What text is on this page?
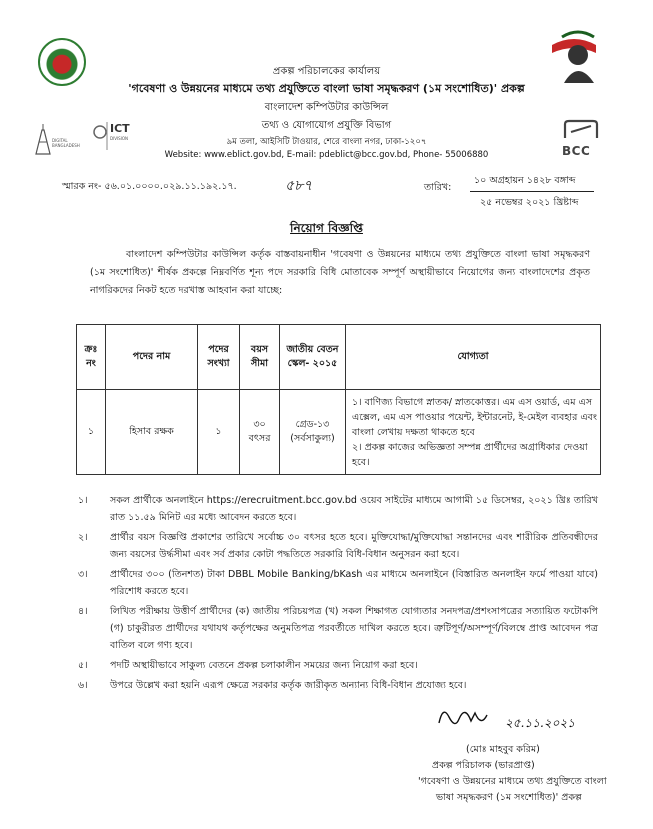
DIGITAL BANGLADESH
ICT
DIVISION
BCC
প্রকল্প পরিচালকের কার্যালয়
'গবেষণা ও উন্নয়নের মাধ্যমে তথ্য প্রযুক্তিতে বাংলা ভাষা সমৃদ্ধকরণ (১ম সংশোধিত)' প্রকল্প
বাংলাদেশ কম্পিউটার কাউন্সিল
তথ্য ও যোগাযোগ প্রযুক্তি বিভাগ
৯ম তলা, আইসিটি টাওয়ার, শেরে বাংলা নগর, ঢাকা-১২০৭
Website: www.eblict.gov.bd, E-mail: pdeblict@bcc.gov.bd, Phone- 55006880
স্মারক নং- ৫৬.০১.০০০০.০২৯.১১.১৯২.১৭.	৫৮৭	তারিখ:
১০ অগ্রহায়ন ১৪২৮ বঙ্গাব্দ
২৫ নভেম্বর ২০২১ খ্রিষ্টাব্দ
নিয়োগ বিজ্ঞপ্তি

বাংলাদেশ কম্পিউটার কাউন্সিল কর্তৃক বাস্তবায়নাধীন 'গবেষণা ও উন্নয়নের মাধ্যমে তথ্য প্রযুক্তিতে বাংলা ভাষা সমৃদ্ধকরণ (১ম সংশোধিত)' শীর্ষক প্রকল্পে নিম্নবর্ণিত শূন্য পদে সরকারি বিধি মোতাবেক সম্পূর্ণ অস্থায়ীভাবে নিয়োগের জন্য বাংলাদেশের প্রকৃত নাগরিকদের নিকট হতে দরখাস্ত আহবান করা যাচ্ছে:

ক্রঃ নং	পদের নাম	পদের সংখ্যা	বয়স সীমা	জাতীয় বেতন স্কেল- ২০১৫	যোগ্যতা
১	হিসাব রক্ষক	১	৩০ বৎসর	গ্রেড-১৩ (সর্বসাকুল্য)	১। বাণিজ্য বিভাগে স্নাতক/ স্নাতকোত্তর। এম এস ওয়ার্ড, এম এস এক্সেল, এম এস পাওয়ার পয়েন্ট, ইন্টারনেট, ই-মেইল ব্যবহার এবং বাংলা লেখায় দক্ষতা থাকতে হবে
২। প্রকল্প কাজের অভিজ্ঞতা সম্পন্ন প্রার্থীদের অগ্রাধিকার দেওয়া হবে।
১। সকল প্রার্থীকে অনলাইনে https://erecruitment.bcc.gov.bd ওয়েব সাইটের মাধ্যমে আগামী ১৫ ডিসেম্বর, ২০২১ খ্রিঃ তারিখ রাত ১১.৫৯ মিনিট এর মধ্যে আবেদন করতে হবে।
২। প্রার্থীর বয়স বিজ্ঞপ্তি প্রকাশের তারিখে সর্বোচ্চ ৩০ বৎসর হতে হবে। মুক্তিযোদ্ধা/মুক্তিযোদ্ধা সন্তানদের এবং শারীরিক প্রতিবন্ধীদের জন্য বয়সের উর্দ্ধসীমা এবং সর্ব প্রকার কোটা পদ্ধতিতে সরকারি বিধি-বিধান অনুসরন করা হবে।
৩। প্রার্থীদের ৩০০ (তিনশত) টাকা DBBL Mobile Banking/bKash এর মাধ্যমে অনলাইনে (বিস্তারিত অনলাইন ফর্মে পাওয়া যাবে) পরিশোধ করতে হবে।
৪। লিখিত পরীক্ষায় উত্তীর্ণ প্রার্থীদের (ক) জাতীয় পরিচয়পত্র (খ) সকল শিক্ষাগত যোগ্যতার সনদপত্র/প্রশংসাপত্রের সত্যায়িত ফটোকপি (গ) চাকুরীরত প্রার্থীদের যথাযথ কর্তৃপক্ষের অনুমতিপত্র পরবর্তীতে দাখিল করতে হবে। ত্রুটিপূর্ণ/অসম্পূর্ণ/বিলম্বে প্রাপ্ত আবেদন পত্র বাতিল বলে গণ্য হবে।
৫। পদটি অস্থায়ীভাবে সাকুল্য বেতনে প্রকল্প চলাকালীন সময়ের জন্য নিয়োগ করা হবে।
৬। উপরে উল্লেখ করা হয়নি এরূপ ক্ষেত্রে সরকার কর্তৃক জারীকৃত অন্যান্য বিধি-বিধান প্রযোজ্য হবে।
২৫.১১.২০২১
(মোঃ মাহবুব করিম)
প্রকল্প পরিচালক (ভারপ্রাপ্ত)
'গবেষণা ও উন্নয়নের মাধ্যমে তথ্য প্রযুক্তিতে বাংলা
ভাষা সমৃদ্ধকরণ (১ম সংশোধিত)' প্রকল্প
